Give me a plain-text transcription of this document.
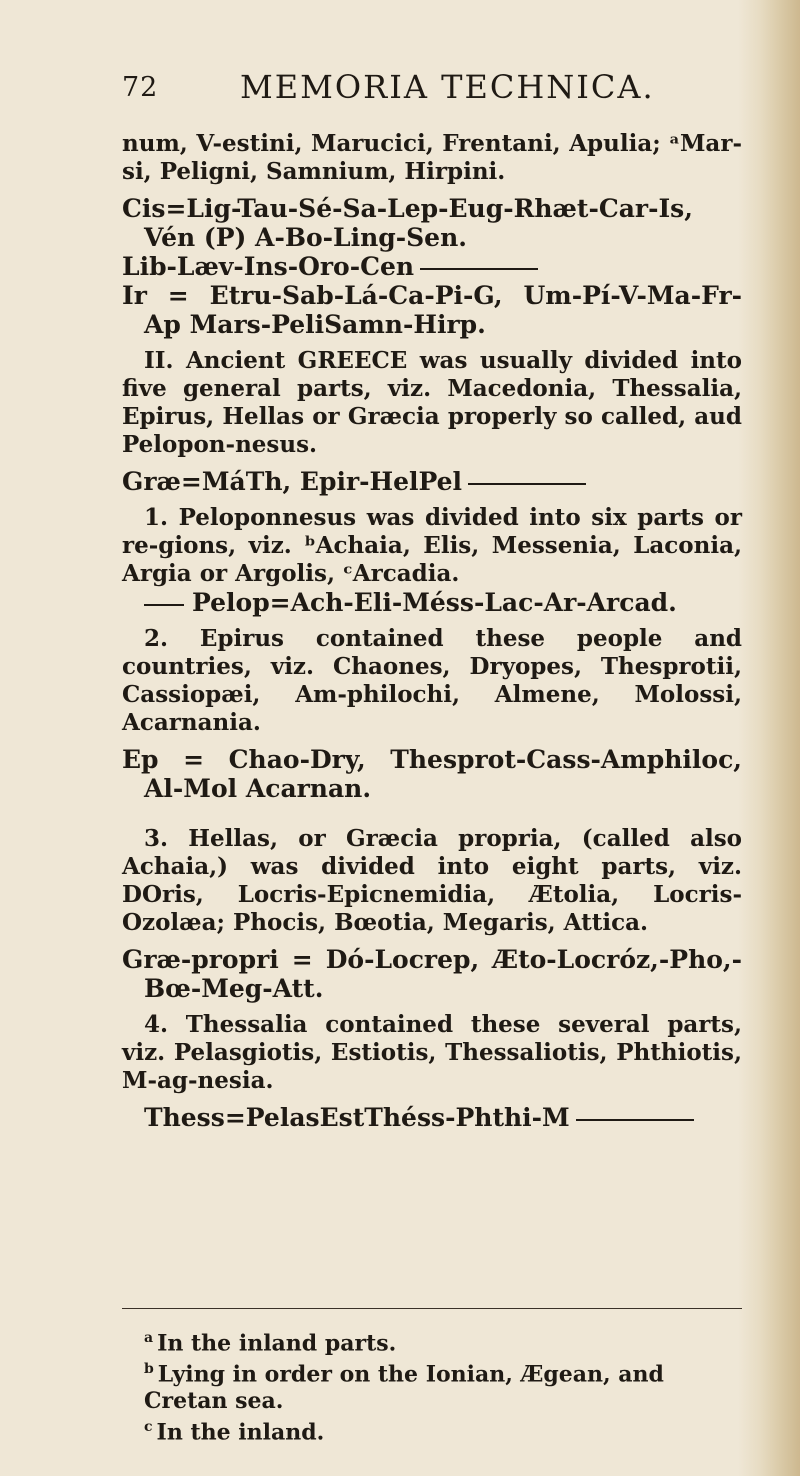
72	MEMORIA TECHNICA.

num, V-estini, Marucici, Frentani, Apulia; ᵃMar-si, Peligni, Samnium, Hirpini.

Cis=Lig-Tau-Sé-Sa-Lep-Eug-Rhæt-Car-Is, Vén (P) A-Bo-Ling-Sen.

Lib-Læv-Ins-Oro-Cen

Ir = Etru-Sab-Lá-Ca-Pi-G, Um-Pí-V-Ma-Fr-Ap Mars-PeliSamn-Hirp.

II. Ancient GREECE was usually divided into five general parts, viz. Macedonia, Thessalia, Epirus, Hellas or Græcia properly so called, aud Pelopon-nesus.

Græ=MáTh, Epir-HelPel

1. Peloponnesus was divided into six parts or re-gions, viz. ᵇAchaia, Elis, Messenia, Laconia, Argia or Argolis, ᶜArcadia.

Pelop=Ach-Eli-Méss-Lac-Ar-Arcad.

2. Epirus contained these people and countries, viz. Chaones, Dryopes, Thesprotii, Cassiopæi, Am-philochi, Almene, Molossi, Acarnania.

Ep = Chao-Dry, Thesprot-Cass-Amphiloc, Al-Mol Acarnan.

3. Hellas, or Græcia propria, (called also Achaia,) was divided into eight parts, viz. DOris, Locris-Epicnemidia, Ætolia, Locris-Ozolæa; Phocis, Bœotia, Megaris, Attica.

Græ-propri = Dó-Locrep, Æto-Locróz,-Pho,-Bœ-Meg-Att.

4. Thessalia contained these several parts, viz. Pelasgiotis, Estiotis, Thessaliotis, Phthiotis, M-ag-nesia.

Thess=PelasEstThéss-Phthi-M

$^a$ In the inland parts.

$^b$ Lying in order on the Ionian, Ægean, and Cretan sea.

$^c$ In the inland.
